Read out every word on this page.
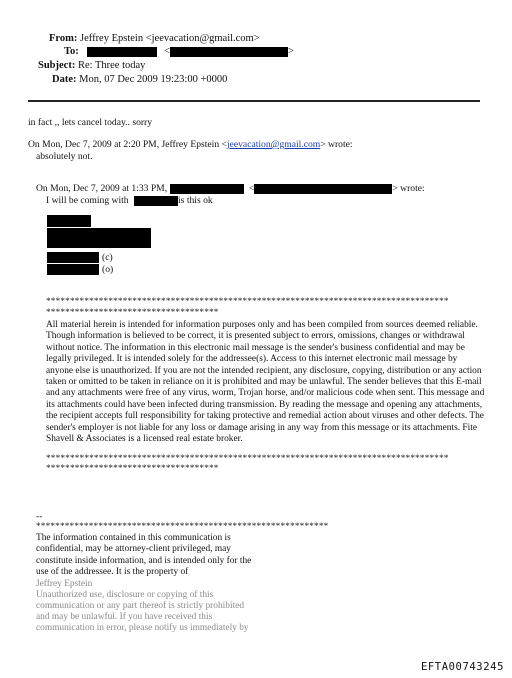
From: Jeffrey Epstein <jeevacation@gmail.com>
To:	<	>
Subject: Re: Three today
Date: Mon, 07 Dec 2009 19:23:00 +0000
in fact ,, lets cancel today.. sorry
On Mon, Dec 7, 2009 at 2:20 PM, Jeffrey Epstein <jeevacation@gmail.com> wrote:
absolutely not.
On Mon, Dec 7, 2009 at 1:33 PM,	<	> wrote:
I will be coming with	is this ok
(c)
(o)
************************************************************************************
************************************
All material herein is intended for information purposes only and has been compiled from sources deemed reliable. Though information is believed to be correct, it is presented subject to errors, omissions, changes or withdrawal without notice. The information in this electronic mail message is the sender's business confidential and may be legally privileged. It is intended solely for the addressee(s). Access to this internet electronic mail message by anyone else is unauthorized. If you are not the intended recipient, any disclosure, copying, distribution or any action taken or omitted to be taken in reliance on it is prohibited and may be unlawful. The sender believes that this E-mail and any attachments were free of any virus, worm, Trojan horse, and/or malicious code when sent. This message and its attachments could have been infected during transmission. By reading the message and opening any attachments, the recipient accepts full responsibility for taking protective and remedial action about viruses and other defects. The sender's employer is not liable for any loss or damage arising in any way from this message or its attachments. Fite Shavell & Associates is a licensed real estate broker.
************************************************************************************
************************************
--
*************************************************************
The information contained in this communication is confidential, may be attorney-client privileged, may constitute inside information, and is intended only for the use of the addressee. It is the property of
Jeffrey Epstein
Unauthorized use, disclosure or copying of this
communication or any part thereof is strictly prohibited
and may be unlawful. If you have received this
communication in error, please notify us immediately by
EFTA00743245
